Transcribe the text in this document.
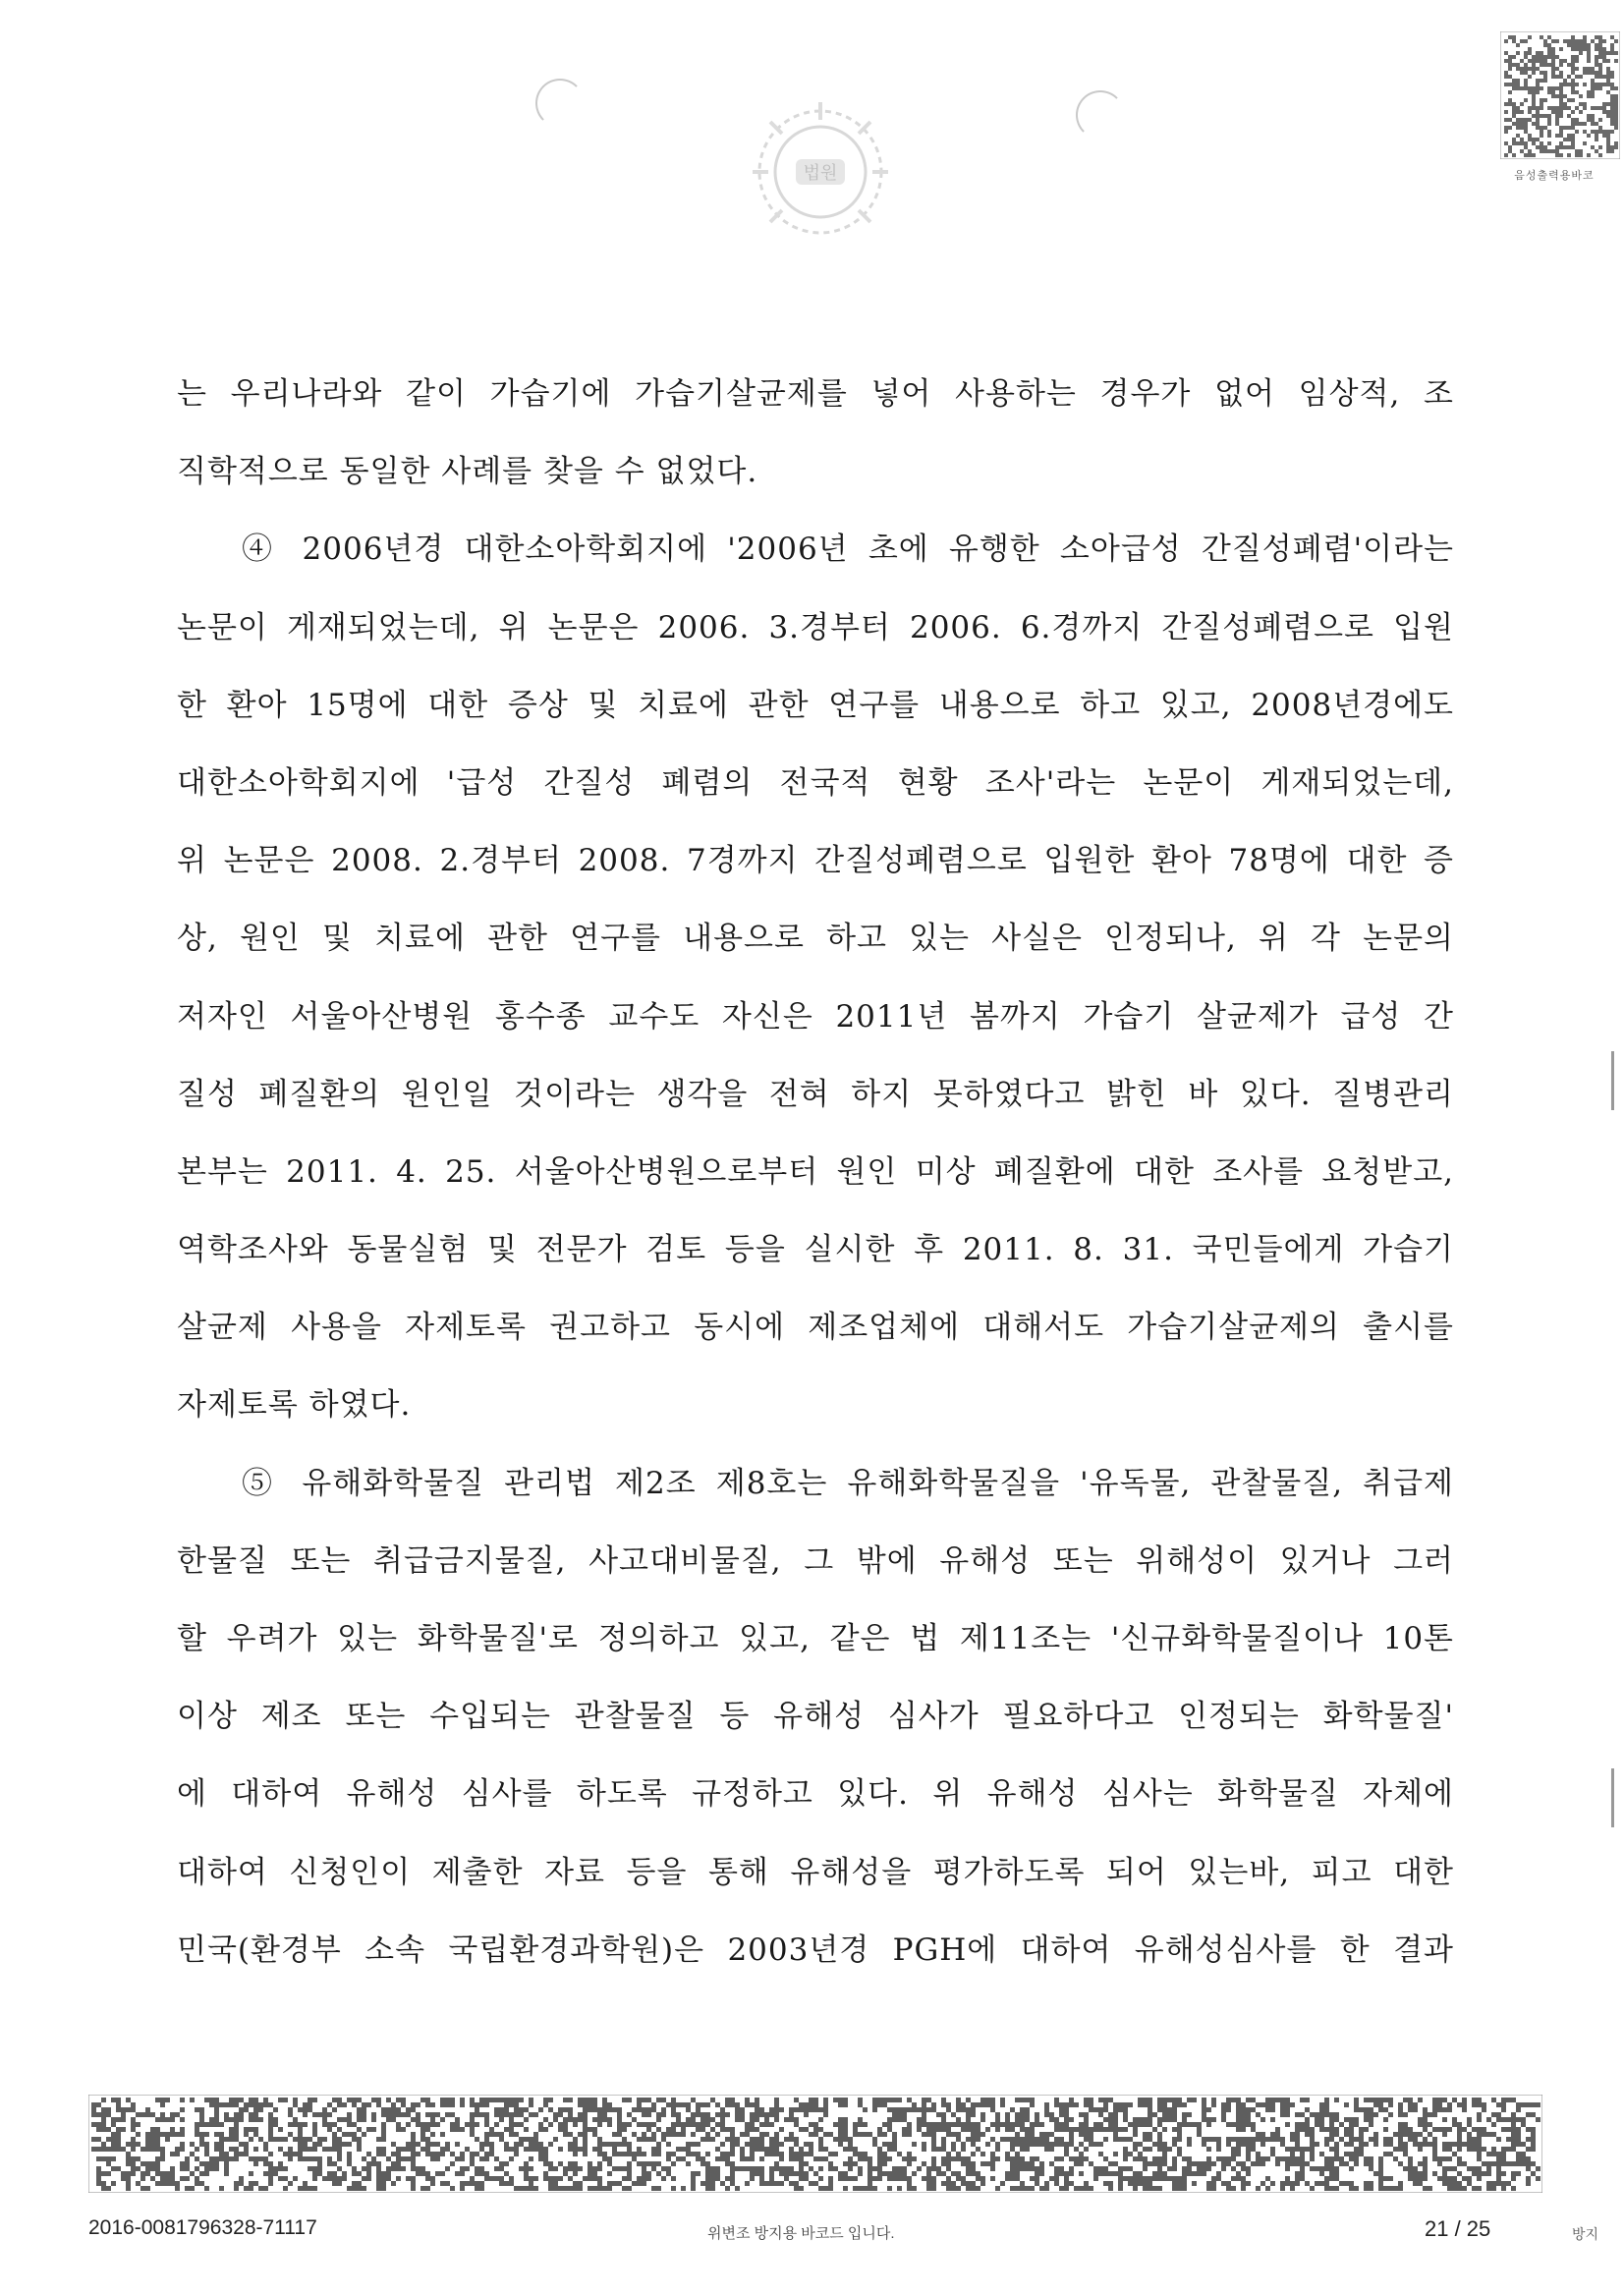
법원	음성출력용바코
는 우리나라와 같이 가습기에 가습기살균제를 넣어 사용하는 경우가 없어 임상적, 조
직학적으로 동일한 사례를 찾을 수 없었다.
④ 2006년경 대한소아학회지에 '2006년 초에 유행한 소아급성 간질성폐렴'이라는
논문이 게재되었는데, 위 논문은 2006. 3.경부터 2006. 6.경까지 간질성폐렴으로 입원
한 환아 15명에 대한 증상 및 치료에 관한 연구를 내용으로 하고 있고, 2008년경에도
대한소아학회지에 '급성 간질성 폐렴의 전국적 현황 조사'라는 논문이 게재되었는데,
위 논문은 2008. 2.경부터 2008. 7경까지 간질성폐렴으로 입원한 환아 78명에 대한 증
상, 원인 및 치료에 관한 연구를 내용으로 하고 있는 사실은 인정되나, 위 각 논문의
저자인 서울아산병원 홍수종 교수도 자신은 2011년 봄까지 가습기 살균제가 급성 간
질성 폐질환의 원인일 것이라는 생각을 전혀 하지 못하였다고 밝힌 바 있다. 질병관리
본부는 2011. 4. 25. 서울아산병원으로부터 원인 미상 폐질환에 대한 조사를 요청받고,
역학조사와 동물실험 및 전문가 검토 등을 실시한 후 2011. 8. 31. 국민들에게 가습기
살균제 사용을 자제토록 권고하고 동시에 제조업체에 대해서도 가습기살균제의 출시를
자제토록 하였다.
⑤ 유해화학물질 관리법 제2조 제8호는 유해화학물질을 '유독물, 관찰물질, 취급제
한물질 또는 취급금지물질, 사고대비물질, 그 밖에 유해성 또는 위해성이 있거나 그러
할 우려가 있는 화학물질'로 정의하고 있고, 같은 법 제11조는 '신규화학물질이나 10톤
이상 제조 또는 수입되는 관찰물질 등 유해성 심사가 필요하다고 인정되는 화학물질'
에 대하여 유해성 심사를 하도록 규정하고 있다. 위 유해성 심사는 화학물질 자체에
대하여 신청인이 제출한 자료 등을 통해 유해성을 평가하도록 되어 있는바, 피고 대한
민국(환경부 소속 국립환경과학원)은 2003년경 PGH에 대하여 유해성심사를 한 결과
2016-0081796328-71117	위변조 방지용 바코드 입니다.	21 / 25	방지
